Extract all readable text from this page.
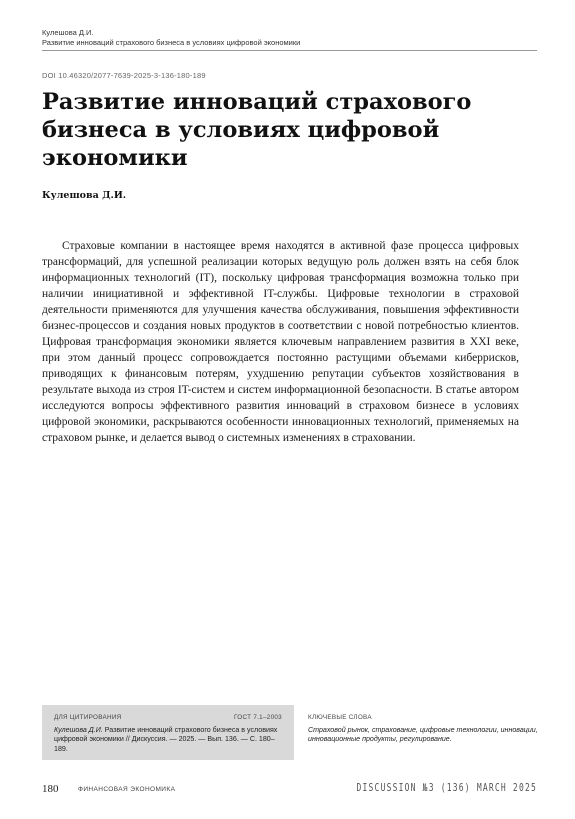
Кулешова Д.И.
Развитие инноваций страхового бизнеса в условиях цифровой экономики
DOI 10.46320/2077-7639-2025-3-136-180-189
Развитие инноваций страхового бизнеса в условиях цифровой экономики
Кулешова Д.И.

Страховые компании в настоящее время находятся в активной фазе процесса цифровых трансформаций, для успешной реализации которых ведущую роль должен взять на себя блок информационных технологий (IT), поскольку цифровая трансформация возможна только при наличии инициативной и эффективной IT-службы. Цифровые технологии в страховой деятельности применяются для улучшения качества обслуживания, повышения эффективности бизнес-процессов и создания новых продуктов в соответствии с новой потребностью клиентов. Цифровая трансформация экономики является ключевым направлением развития в XXI веке, при этом данный процесс сопровождается постоянно растущими объемами киберрисков, приводящих к финансовым потерям, ухудшению репутации субъектов хозяйствования в результате выхода из строя IT-систем и систем информационной безопасности. В статье автором исследуются вопросы эффективного развития инноваций в страховом бизнесе в условиях цифровой экономики, раскрываются особенности инновационных технологий, применяемых на страховом рынке, и делается вывод о системных изменениях в страховании.

ДЛЯ ЦИТИРОВАНИЯ	ГОСТ 7.1–2003
Кулешова Д.И. Развитие инноваций страхового бизнеса в условиях цифровой экономики // Дискуссия. — 2025. — Вып. 136. — С. 180–189.
КЛЮЧЕВЫЕ СЛОВА
Страховой рынок, страхование, цифровые технологии, инновации, инновационные продукты, регулирование.
180	ФИНАНСОВАЯ ЭКОНОМИКА	DISCUSSION №3 (136) MARCH 2025
